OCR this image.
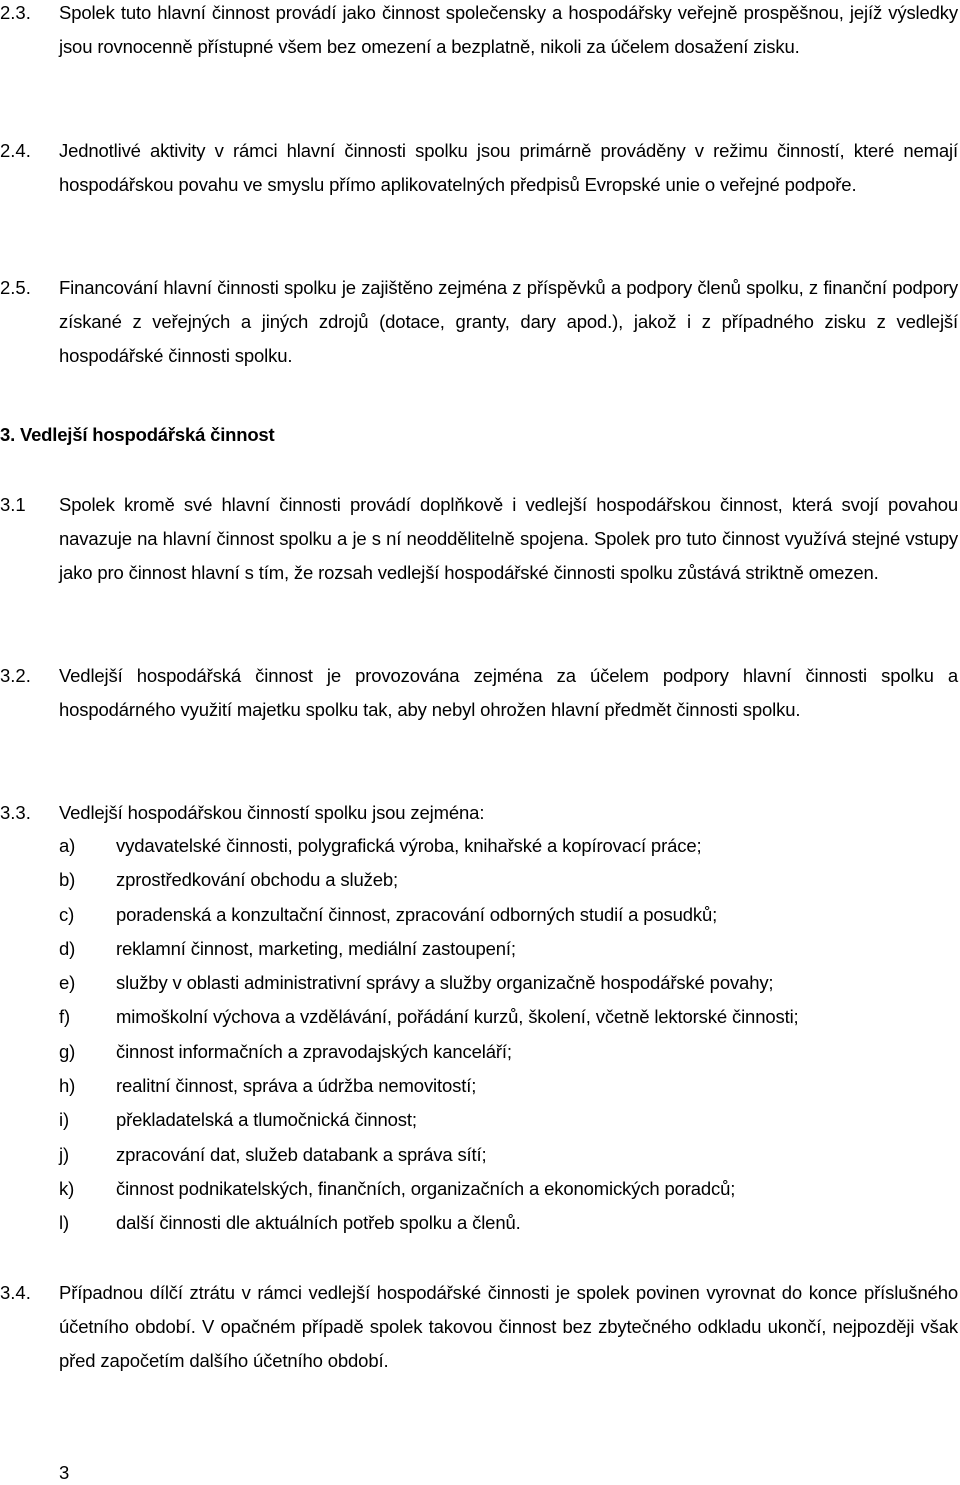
2.3. Spolek tuto hlavní činnost provádí jako činnost společensky a hospodářsky veřejně prospěšnou, jejíž výsledky jsou rovnocenně přístupné všem bez omezení a bezplatně, nikoli za účelem dosažení zisku.
2.4. Jednotlivé aktivity v rámci hlavní činnosti spolku jsou primárně prováděny v režimu činností, které nemají hospodářskou povahu ve smyslu přímo aplikovatelných předpisů Evropské unie o veřejné podpoře.
2.5. Financování hlavní činnosti spolku je zajištěno zejména z příspěvků a podpory členů spolku, z finanční podpory získané z veřejných a jiných zdrojů (dotace, granty, dary apod.), jakož i z případného zisku z vedlejší hospodářské činnosti spolku.
3. Vedlejší hospodářská činnost
3.1 Spolek kromě své hlavní činnosti provádí doplňkově i vedlejší hospodářskou činnost, která svojí povahou navazuje na hlavní činnost spolku a je s ní neoddělitelně spojena. Spolek pro tuto činnost využívá stejné vstupy jako pro činnost hlavní s tím, že rozsah vedlejší hospodářské činnosti spolku zůstává striktně omezen.
3.2. Vedlejší hospodářská činnost je provozována zejména za účelem podpory hlavní činnosti spolku a hospodárného využití majetku spolku tak, aby nebyl ohrožen hlavní předmět činnosti spolku.
3.3. Vedlejší hospodářskou činností spolku jsou zejména:
a) vydavatelské činnosti, polygrafická výroba, knihařské a kopírovací práce;
b) zprostředkování obchodu a služeb;
c) poradenská a konzultační činnost, zpracování odborných studií a posudků;
d) reklamní činnost, marketing, mediální zastoupení;
e) služby v oblasti administrativní správy a služby organizačně hospodářské povahy;
f) mimoškolní výchova a vzdělávání, pořádání kurzů, školení, včetně lektorské činnosti;
g) činnost informačních a zpravodajských kanceláří;
h) realitní činnost, správa a údržba nemovitostí;
i)	překladatelská a tlumočnická činnost;
j)	zpracování dat, služeb databank a správa sítí;
k) činnost podnikatelských, finančních, organizačních a ekonomických poradců;
l)	další činnosti dle aktuálních potřeb spolku a členů.
3.4. Případnou dílčí ztrátu v rámci vedlejší hospodářské činnosti je spolek povinen vyrovnat do konce příslušného účetního období. V opačném případě spolek takovou činnost bez zbytečného odkladu ukončí, nejpozději však před započetím dalšího účetního období.
3
